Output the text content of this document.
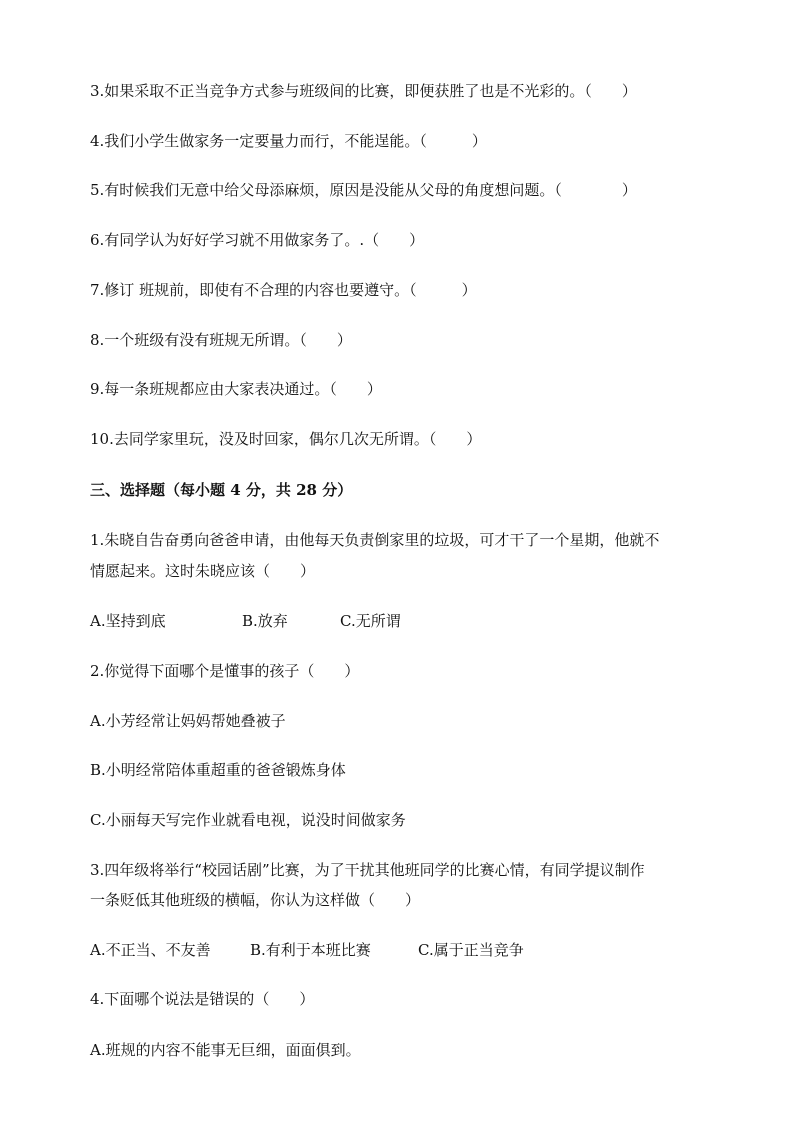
3.如果采取不正当竞争方式参与班级间的比赛，即便获胜了也是不光彩的。（　　）
4.我们小学生做家务一定要量力而行，不能逞能。（　　　）
5.有时候我们无意中给父母添麻烦，原因是没能从父母的角度想问题。（　　　　）
6.有同学认为好好学习就不用做家务了。.（　　）
7.修订 班规前，即使有不合理的内容也要遵守。（　　　）
8.一个班级有没有班规无所谓。（　　）
9.每一条班规都应由大家表决通过。（　　）
10.去同学家里玩，没及时回家，偶尔几次无所谓。（　　）
三、选择题（每小题 4 分，共 28 分）
1.朱晓自告奋勇向爸爸申请，由他每天负责倒家里的垃圾，可才干了一个星期，他就不
情愿起来。这时朱晓应该（　　）
A.坚持到底	B.放弃	C.无所谓
2.你觉得下面哪个是懂事的孩子（　　）
A.小芳经常让妈妈帮她叠被子
B.小明经常陪体重超重的爸爸锻炼身体
C.小丽每天写完作业就看电视，说没时间做家务
3.四年级将举行“校园话剧”比赛，为了干扰其他班同学的比赛心情，有同学提议制作
一条贬低其他班级的横幅，你认为这样做（　　）
A.不正当、不友善	B.有利于本班比赛	C.属于正当竞争
4.下面哪个说法是错误的（　　）
A.班规的内容不能事无巨细，面面俱到。
